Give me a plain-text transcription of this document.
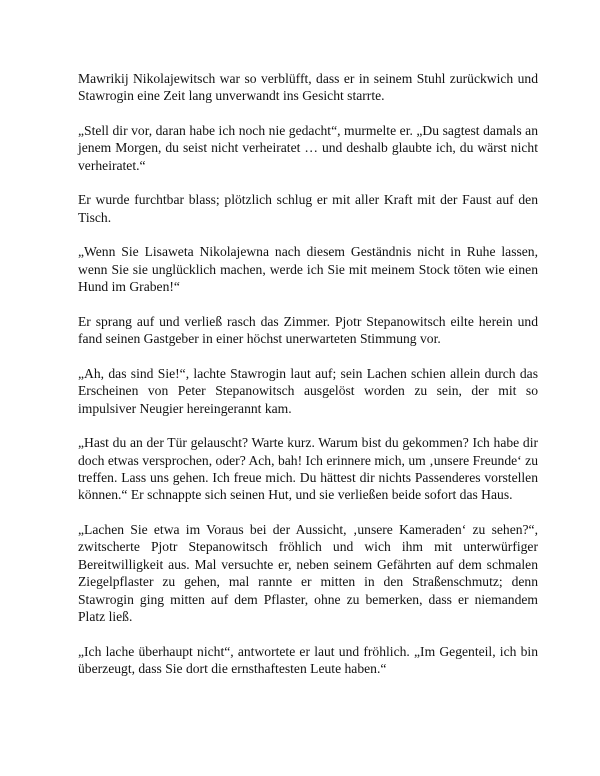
Mawrikij Nikolajewitsch war so verblüfft, dass er in seinem Stuhl zurückwich und Stawrogin eine Zeit lang unverwandt ins Gesicht starrte.

„Stell dir vor, daran habe ich noch nie gedacht“, murmelte er. „Du sagtest damals an jenem Morgen, du seist nicht verheiratet … und deshalb glaubte ich, du wärst nicht verheiratet.“

Er wurde furchtbar blass; plötzlich schlug er mit aller Kraft mit der Faust auf den Tisch.

„Wenn Sie Lisaweta Nikolajewna nach diesem Geständnis nicht in Ruhe lassen, wenn Sie sie unglücklich machen, werde ich Sie mit meinem Stock töten wie einen Hund im Graben!“

Er sprang auf und verließ rasch das Zimmer. Pjotr Stepanowitsch eilte herein und fand seinen Gastgeber in einer höchst unerwarteten Stimmung vor.

„Ah, das sind Sie!“, lachte Stawrogin laut auf; sein Lachen schien allein durch das Erscheinen von Peter Stepanowitsch ausgelöst worden zu sein, der mit so impulsiver Neugier hereingerannt kam.

„Hast du an der Tür gelauscht? Warte kurz. Warum bist du gekommen? Ich habe dir doch etwas versprochen, oder? Ach, bah! Ich erinnere mich, um ‚unsere Freunde‘ zu treffen. Lass uns gehen. Ich freue mich. Du hättest dir nichts Passenderes vorstellen können.“ Er schnappte sich seinen Hut, und sie verließen beide sofort das Haus.

„Lachen Sie etwa im Voraus bei der Aussicht, ‚unsere Kameraden‘ zu sehen?“, zwitscherte Pjotr Stepanowitsch fröhlich und wich ihm mit unterwürfiger Bereitwilligkeit aus. Mal versuchte er, neben seinem Gefährten auf dem schmalen Ziegelpflaster zu gehen, mal rannte er mitten in den Straßenschmutz; denn Stawrogin ging mitten auf dem Pflaster, ohne zu bemerken, dass er niemandem Platz ließ.

„Ich lache überhaupt nicht“, antwortete er laut und fröhlich. „Im Gegenteil, ich bin überzeugt, dass Sie dort die ernsthaftesten Leute haben.“
